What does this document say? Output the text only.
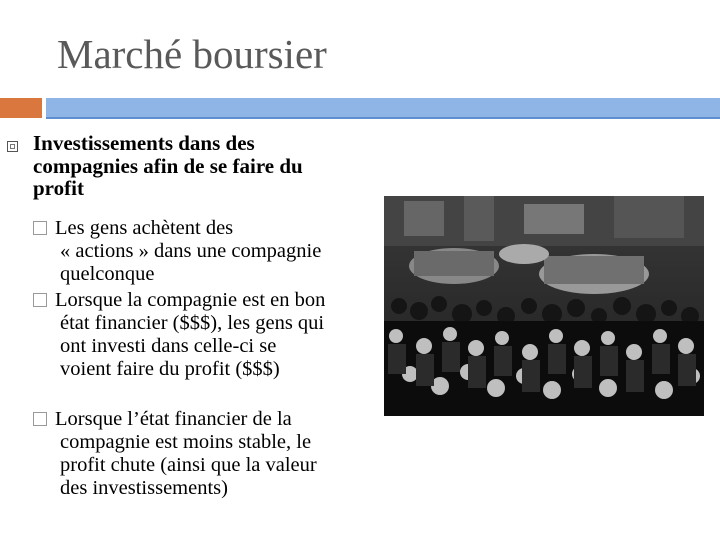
Marché boursier
Investissements dans des
compagnies afin de se faire du
profit
Les gens achètent des
« actions » dans une compagnie
quelconque
Lorsque la compagnie est en bon
état financier ($$$), les gens qui
ont investi dans celle-ci se
voient faire du profit ($$$)
Lorsque l’état financier de la
compagnie est moins stable, le
profit chute (ainsi que la valeur
des investissements)
